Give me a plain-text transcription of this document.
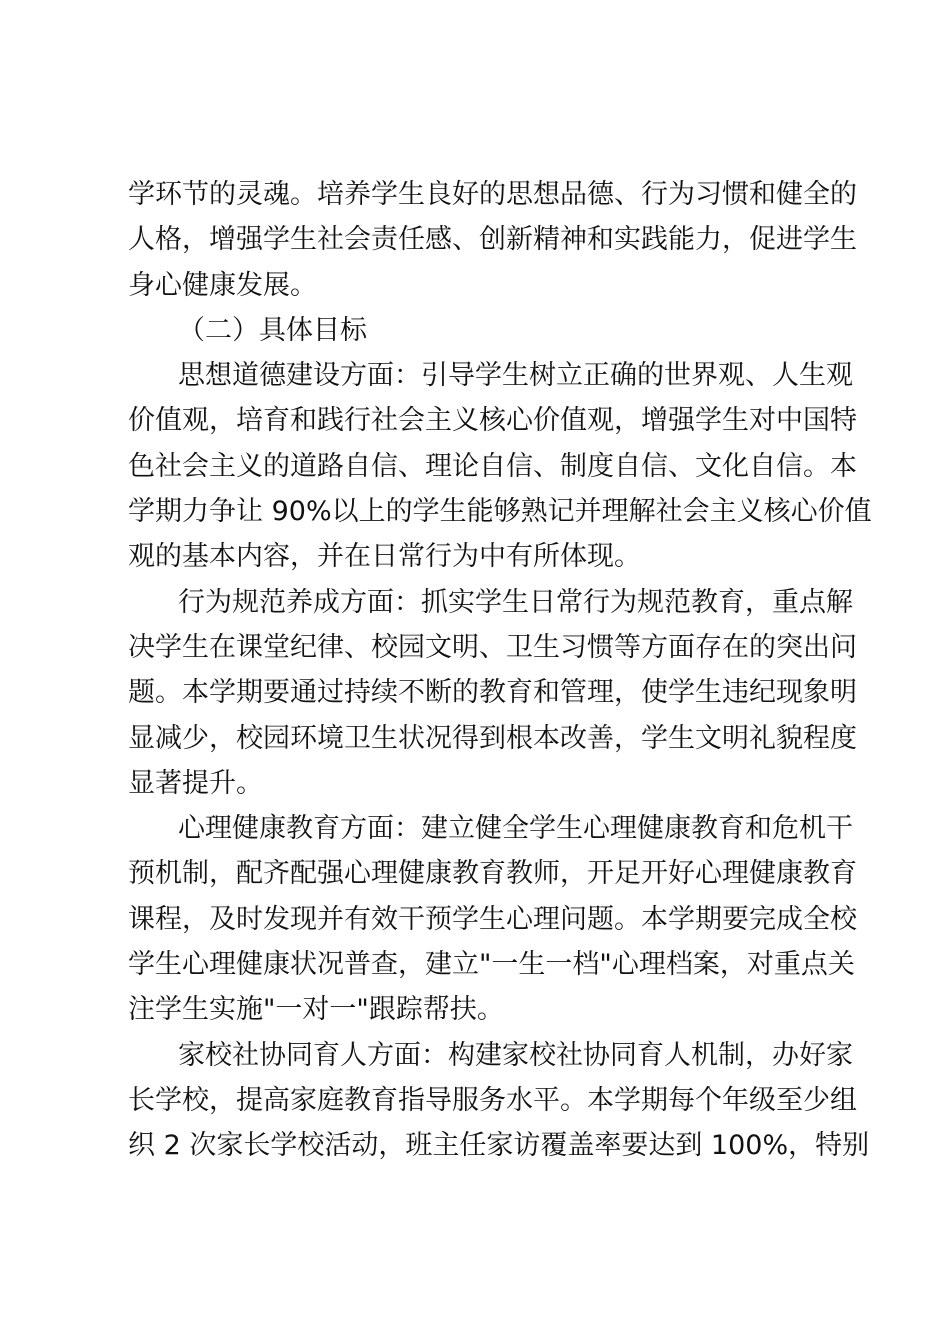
学环节的灵魂。培养学生良好的思想品德、行为习惯和健全的
人格，增强学生社会责任感、创新精神和实践能力，促进学生
身心健康发展。
（二）具体目标
思想道德建设方面：引导学生树立正确的世界观、人生观
价值观，培育和践行社会主义核心价值观，增强学生对中国特
色社会主义的道路自信、理论自信、制度自信、文化自信。本
学期力争让 90%以上的学生能够熟记并理解社会主义核心价值
观的基本内容，并在日常行为中有所体现。
行为规范养成方面：抓实学生日常行为规范教育，重点解
决学生在课堂纪律、校园文明、卫生习惯等方面存在的突出问
题。本学期要通过持续不断的教育和管理，使学生违纪现象明
显减少，校园环境卫生状况得到根本改善，学生文明礼貌程度
显著提升。
心理健康教育方面：建立健全学生心理健康教育和危机干
预机制，配齐配强心理健康教育教师，开足开好心理健康教育
课程，及时发现并有效干预学生心理问题。本学期要完成全校
学生心理健康状况普查，建立"一生一档"心理档案，对重点关
注学生实施"一对一"跟踪帮扶。
家校社协同育人方面：构建家校社协同育人机制，办好家
长学校，提高家庭教育指导服务水平。本学期每个年级至少组
织 2 次家长学校活动，班主任家访覆盖率要达到 100%，特别
